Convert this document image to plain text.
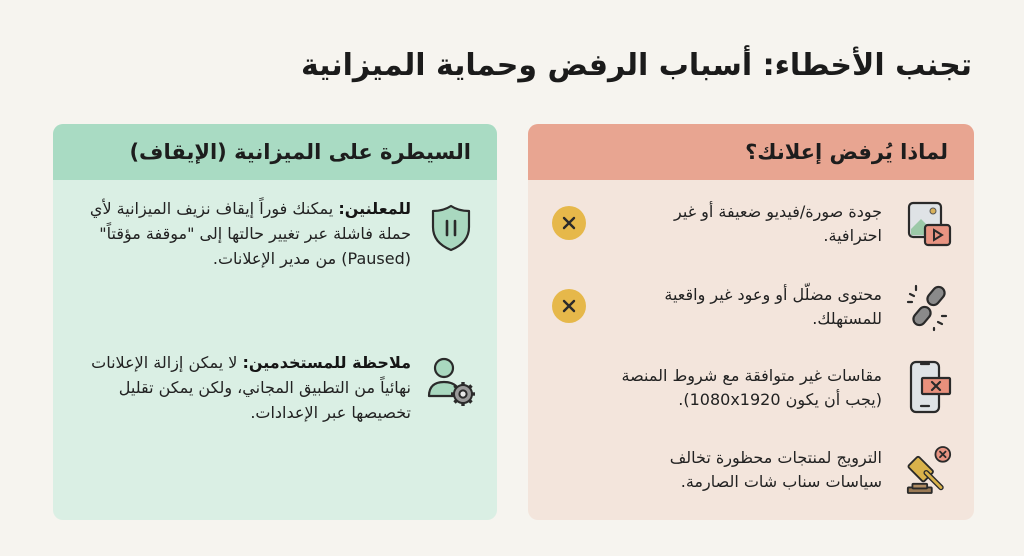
تجنب الأخطاء: أسباب الرفض وحماية الميزانية
لماذا يُرفض إعلانك؟
جودة صورة/فيديو ضعيفة أو غير احترافية.
محتوى مضلّل أو وعود غير واقعية للمستهلك.
مقاسات غير متوافقة مع شروط المنصة (يجب أن يكون 1080x1920).
الترويج لمنتجات محظورة تخالف سياسات سناب شات الصارمة.
السيطرة على الميزانية (الإيقاف)
للمعلنين: يمكنك فوراً إيقاف نزيف الميزانية لأي حملة فاشلة عبر تغيير حالتها إلى "موقفة مؤقتاً" (Paused) من مدير الإعلانات.
ملاحظة للمستخدمين: لا يمكن إزالة الإعلانات نهائياً من التطبيق المجاني، ولكن يمكن تقليل تخصيصها عبر الإعدادات.
